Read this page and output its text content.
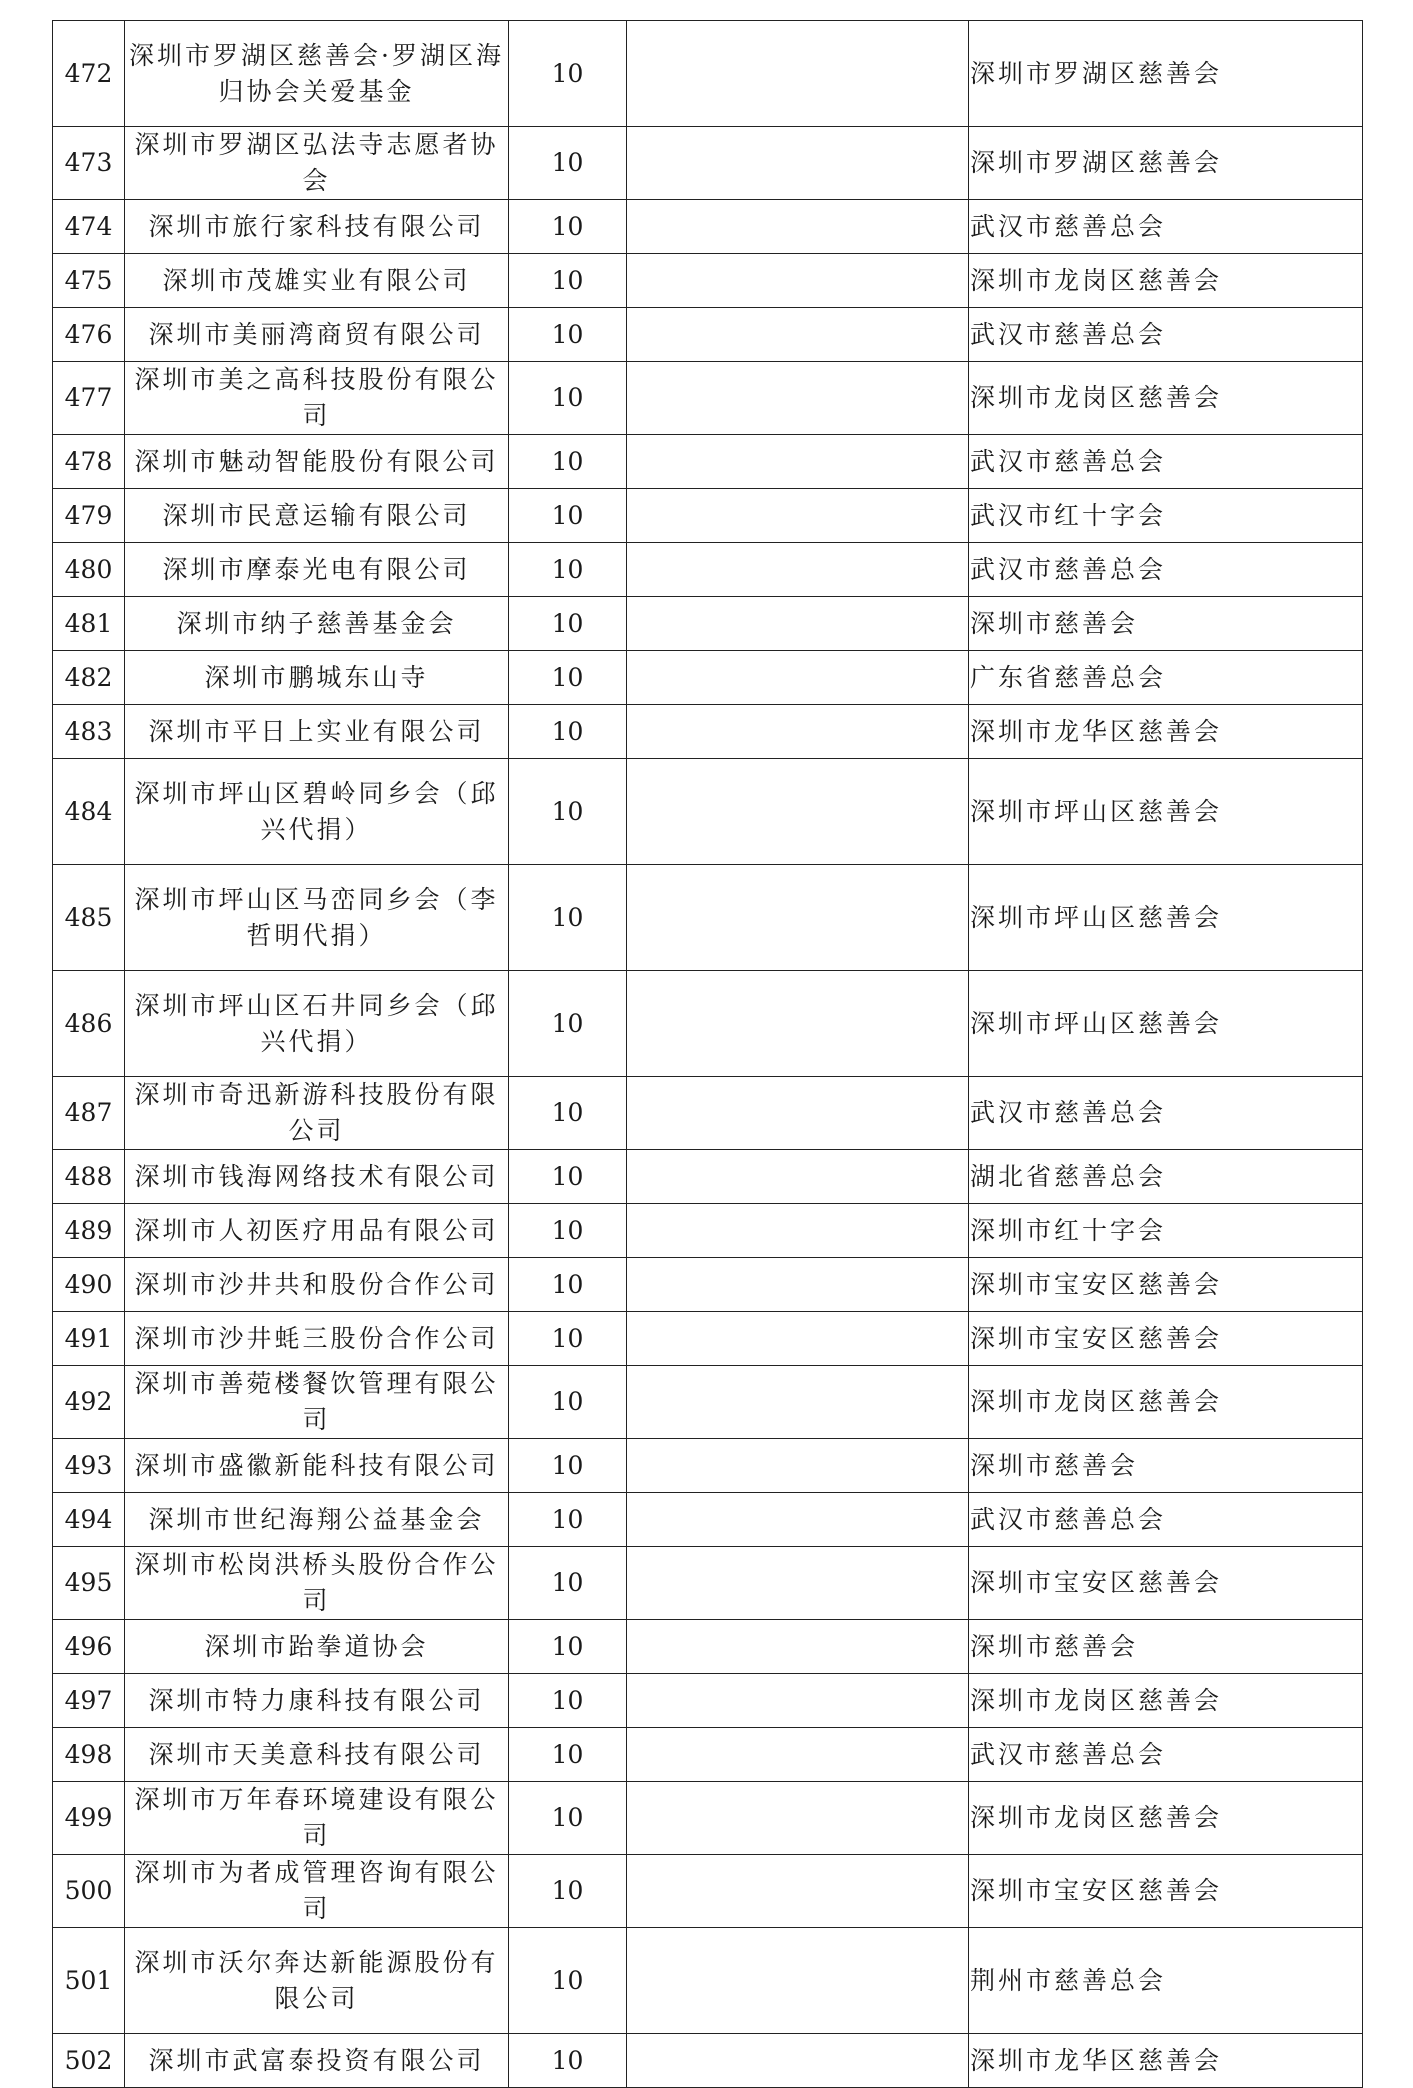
472	深圳市罗湖区慈善会·罗湖区海归协会关爱基金	10		深圳市罗湖区慈善会
473	深圳市罗湖区弘法寺志愿者协会	10		深圳市罗湖区慈善会
474	深圳市旅行家科技有限公司	10		武汉市慈善总会
475	深圳市茂雄实业有限公司	10		深圳市龙岗区慈善会
476	深圳市美丽湾商贸有限公司	10		武汉市慈善总会
477	深圳市美之高科技股份有限公司	10		深圳市龙岗区慈善会
478	深圳市魅动智能股份有限公司	10		武汉市慈善总会
479	深圳市民意运输有限公司	10		武汉市红十字会
480	深圳市摩泰光电有限公司	10		武汉市慈善总会
481	深圳市纳子慈善基金会	10		深圳市慈善会
482	深圳市鹏城东山寺	10		广东省慈善总会
483	深圳市平日上实业有限公司	10		深圳市龙华区慈善会
484	深圳市坪山区碧岭同乡会（邱兴代捐）	10		深圳市坪山区慈善会
485	深圳市坪山区马峦同乡会（李哲明代捐）	10		深圳市坪山区慈善会
486	深圳市坪山区石井同乡会（邱兴代捐）	10		深圳市坪山区慈善会
487	深圳市奇迅新游科技股份有限公司	10		武汉市慈善总会
488	深圳市钱海网络技术有限公司	10		湖北省慈善总会
489	深圳市人初医疗用品有限公司	10		深圳市红十字会
490	深圳市沙井共和股份合作公司	10		深圳市宝安区慈善会
491	深圳市沙井蚝三股份合作公司	10		深圳市宝安区慈善会
492	深圳市善菀楼餐饮管理有限公司	10		深圳市龙岗区慈善会
493	深圳市盛徽新能科技有限公司	10		深圳市慈善会
494	深圳市世纪海翔公益基金会	10		武汉市慈善总会
495	深圳市松岗洪桥头股份合作公司	10		深圳市宝安区慈善会
496	深圳市跆拳道协会	10		深圳市慈善会
497	深圳市特力康科技有限公司	10		深圳市龙岗区慈善会
498	深圳市天美意科技有限公司	10		武汉市慈善总会
499	深圳市万年春环境建设有限公司	10		深圳市龙岗区慈善会
500	深圳市为者成管理咨询有限公司	10		深圳市宝安区慈善会
501	深圳市沃尔奔达新能源股份有限公司	10		荆州市慈善总会
502	深圳市武富泰投资有限公司	10		深圳市龙华区慈善会
